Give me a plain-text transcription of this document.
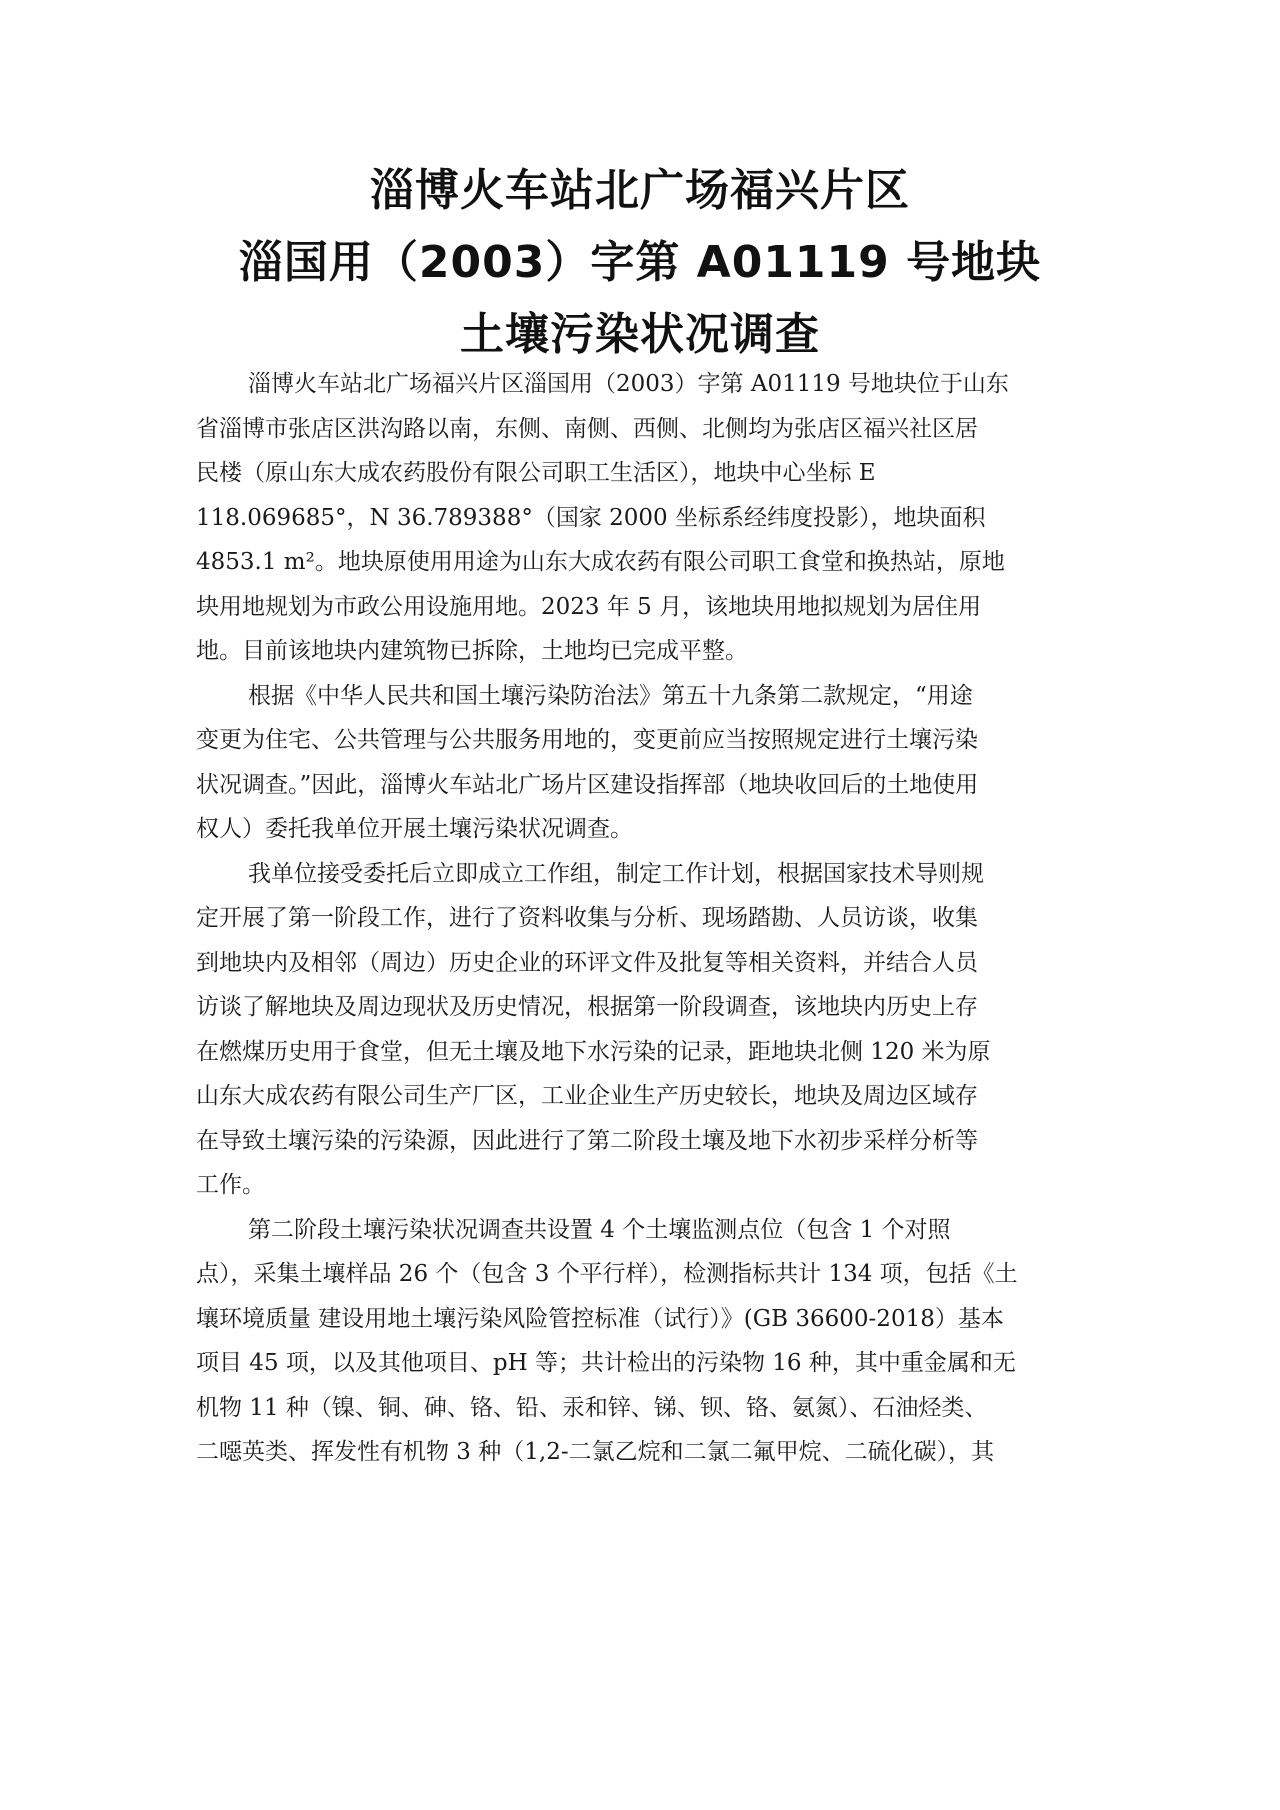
淄博火车站北广场福兴片区
淄国用（2003）字第 A01119 号地块
土壤污染状况调查
淄博火车站北广场福兴片区淄国用（2003）字第 A01119 号地块位于山东
省淄博市张店区洪沟路以南，东侧、南侧、西侧、北侧均为张店区福兴社区居
民楼（原山东大成农药股份有限公司职工生活区），地块中心坐标 E
118.069685°，N 36.789388°（国家 2000 坐标系经纬度投影），地块面积
4853.1 m²。地块原使用用途为山东大成农药有限公司职工食堂和换热站，原地
块用地规划为市政公用设施用地。2023 年 5 月，该地块用地拟规划为居住用
地。目前该地块内建筑物已拆除，土地均已完成平整。
根据《中华人民共和国土壤污染防治法》第五十九条第二款规定，“用途
变更为住宅、公共管理与公共服务用地的，变更前应当按照规定进行土壤污染
状况调查。”因此，淄博火车站北广场片区建设指挥部（地块收回后的土地使用
权人）委托我单位开展土壤污染状况调查。
我单位接受委托后立即成立工作组，制定工作计划，根据国家技术导则规
定开展了第一阶段工作，进行了资料收集与分析、现场踏勘、人员访谈，收集
到地块内及相邻（周边）历史企业的环评文件及批复等相关资料，并结合人员
访谈了解地块及周边现状及历史情况，根据第一阶段调查，该地块内历史上存
在燃煤历史用于食堂，但无土壤及地下水污染的记录，距地块北侧 120 米为原
山东大成农药有限公司生产厂区，工业企业生产历史较长，地块及周边区域存
在导致土壤污染的污染源，因此进行了第二阶段土壤及地下水初步采样分析等
工作。
第二阶段土壤污染状况调查共设置 4 个土壤监测点位（包含 1 个对照
点），采集土壤样品 26 个（包含 3 个平行样），检测指标共计 134 项，包括《土
壤环境质量 建设用地土壤污染风险管控标准（试行）》(GB 36600-2018）基本
项目 45 项，以及其他项目、pH 等；共计检出的污染物 16 种，其中重金属和无
机物 11 种（镍、铜、砷、铬、铅、汞和锌、锑、钡、铬、氨氮）、石油烃类、
二噁英类、挥发性有机物 3 种（1,2-二氯乙烷和二氯二氟甲烷、二硫化碳），其
